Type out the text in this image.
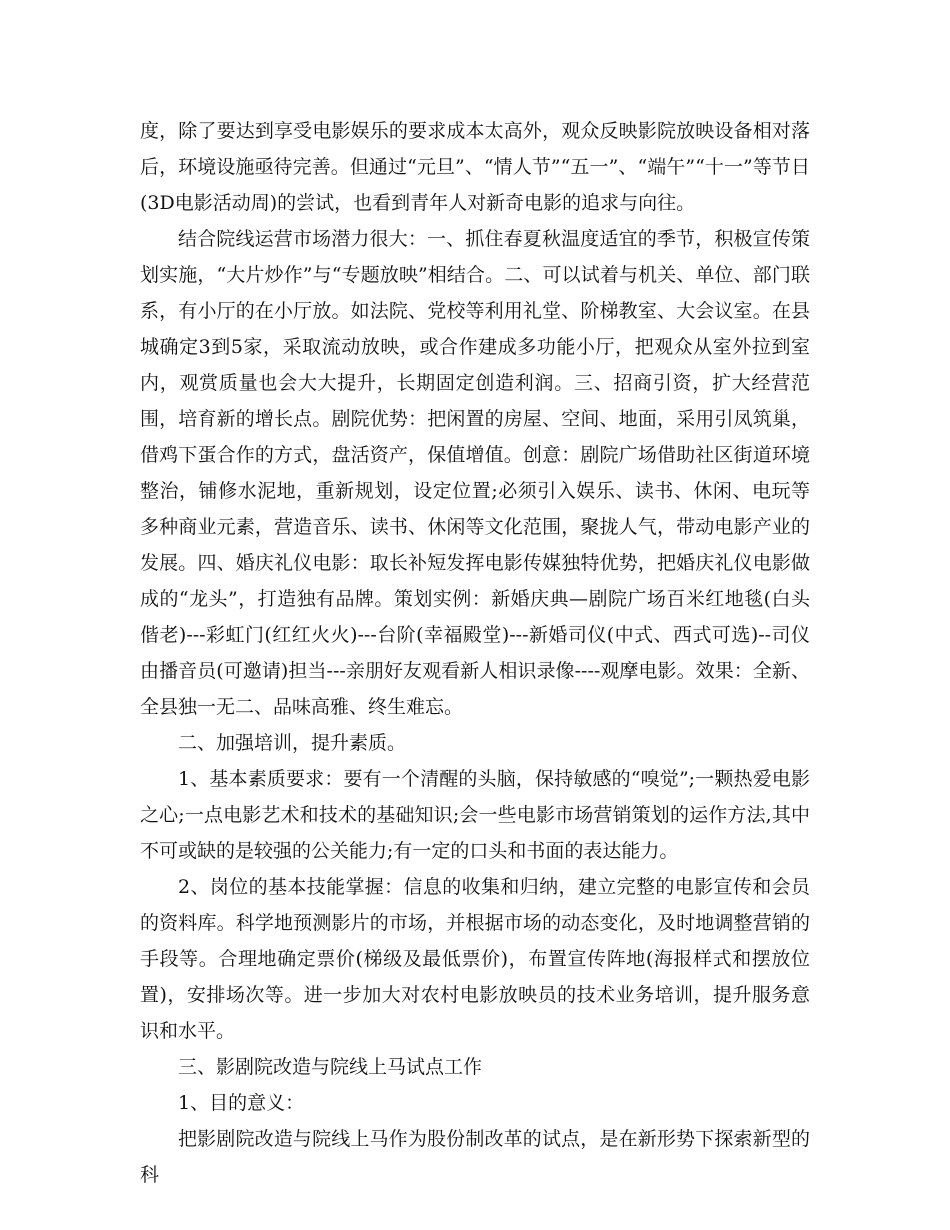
度，除了要达到享受电影娱乐的要求成本太高外，观众反映影院放映设备相对落后，环境设施亟待完善。但通过“元旦”、“情人节”“五一”、“端午”“十一”等节日(3D电影活动周)的尝试，也看到青年人对新奇电影的追求与向往。

结合院线运营市场潜力很大：一、抓住春夏秋温度适宜的季节，积极宣传策划实施，“大片炒作”与“专题放映”相结合。二、可以试着与机关、单位、部门联系，有小厅的在小厅放。如法院、党校等利用礼堂、阶梯教室、大会议室。在县城确定3到5家，采取流动放映，或合作建成多功能小厅，把观众从室外拉到室内，观赏质量也会大大提升，长期固定创造利润。三、招商引资，扩大经营范围，培育新的增长点。剧院优势：把闲置的房屋、空间、地面，采用引凤筑巢，借鸡下蛋合作的方式，盘活资产，保值增值。创意：剧院广场借助社区街道环境整治，铺修水泥地，重新规划，设定位置;必须引入娱乐、读书、休闲、电玩等多种商业元素，营造音乐、读书、休闲等文化范围，聚拢人气，带动电影产业的发展。四、婚庆礼仪电影：取长补短发挥电影传媒独特优势，把婚庆礼仪电影做成的“龙头”，打造独有品牌。策划实例：新婚庆典—剧院广场百米红地毯(白头偕老)---彩虹门(红红火火)---台阶(幸福殿堂)---新婚司仪(中式、西式可选)--司仪由播音员(可邀请)担当---亲朋好友观看新人相识录像----观摩电影。效果：全新、全县独一无二、品味高雅、终生难忘。

二、加强培训，提升素质。

1、基本素质要求：要有一个清醒的头脑，保持敏感的“嗅觉”;一颗热爱电影之心;一点电影艺术和技术的基础知识;会一些电影市场营销策划的运作方法,其中不可或缺的是较强的公关能力;有一定的口头和书面的表达能力。

2、岗位的基本技能掌握：信息的收集和归纳，建立完整的电影宣传和会员的资料库。科学地预测影片的市场，并根据市场的动态变化，及时地调整营销的手段等。合理地确定票价(梯级及最低票价)，布置宣传阵地(海报样式和摆放位置)，安排场次等。进一步加大对农村电影放映员的技术业务培训，提升服务意识和水平。

三、影剧院改造与院线上马试点工作

1、目的意义：

把影剧院改造与院线上马作为股份制改革的试点，是在新形势下探索新型的科
